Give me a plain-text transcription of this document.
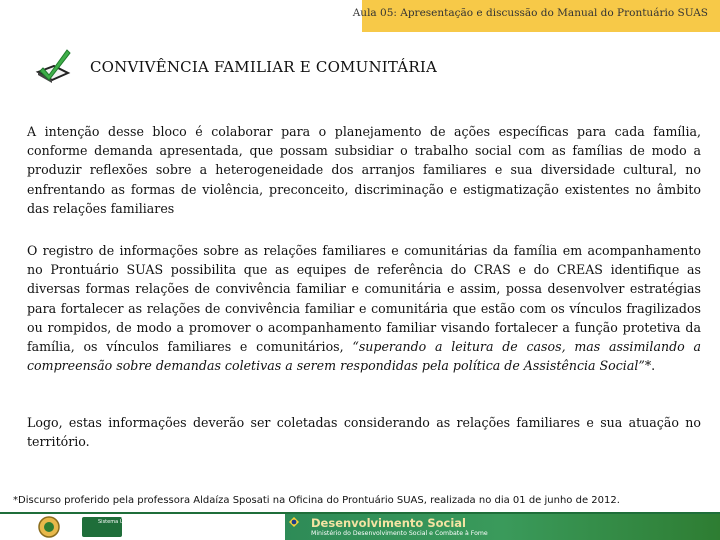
Aula 05: Apresentação e discussão do Manual do Prontuário SUAS
CONVIVÊNCIA FAMILIAR E COMUNITÁRIA

A intenção desse bloco é colaborar para o planejamento de ações específicas para cada família, conforme demanda apresentada, que possam subsidiar o trabalho social com as famílias de modo a produzir reflexões sobre a heterogeneidade dos arranjos familiares e sua diversidade cultural, no enfrentando as formas de violência, preconceito, discriminação e estigmatização existentes no âmbito das relações familiares

O registro de informações sobre as relações familiares e comunitárias da família em acompanhamento no Prontuário SUAS possibilita que as equipes de referência do CRAS e do CREAS identifique as diversas formas relações de convivência familiar e comunitária e assim, possa desenvolver estratégias para fortalecer as relações de convivência familiar e comunitária que estão com os vínculos fragilizados ou rompidos, de modo a promover o acompanhamento familiar visando fortalecer a função protetiva da família, os vínculos familiares e comunitários, “superando a leitura de casos, mas assimilando a compreensão sobre demandas coletivas a serem respondidas pela política de Assistência Social”*.

Logo, estas informações deverão ser coletadas considerando as relações familiares e sua atuação no território.

*Discurso proferido pela professora Aldaíza Sposati na Oficina do Prontuário SUAS, realizada no dia 01 de junho de 2012.
Sistema Único de Assistência Social	Desenvolvimento Social
Ministério do Desenvolvimento Social e Combate à Fome
